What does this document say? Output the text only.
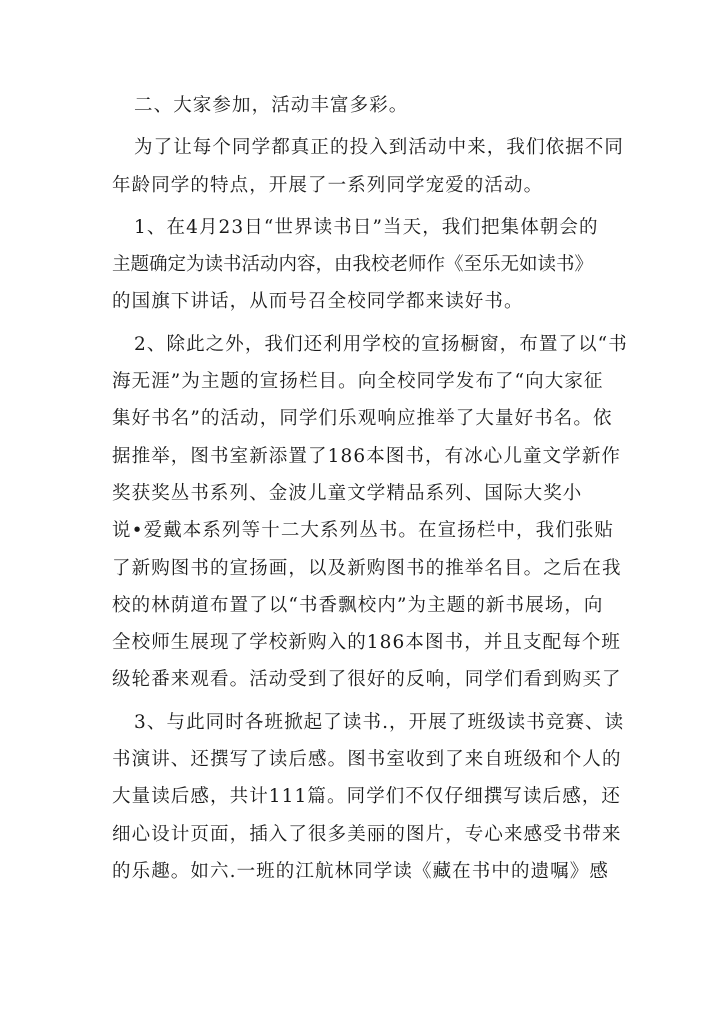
二、大家参加，活动丰富多彩。
为了让每个同学都真正的投入到活动中来，我们依据不同
年龄同学的特点，开展了一系列同学宠爱的活动。
1、在4月23日“世界读书日”当天，我们把集体朝会的
主题确定为读书活动内容，由我校老师作《至乐无如读书》
的国旗下讲话，从而号召全校同学都来读好书。
2、除此之外，我们还利用学校的宣扬橱窗，布置了以“书
海无涯”为主题的宣扬栏目。向全校同学发布了“向大家征
集好书名”的活动，同学们乐观响应推举了大量好书名。依
据推举，图书室新添置了186本图书，有冰心儿童文学新作
奖获奖丛书系列、金波儿童文学精品系列、国际大奖小
说•爱戴本系列等十二大系列丛书。在宣扬栏中，我们张贴
了新购图书的宣扬画，以及新购图书的推举名目。之后在我
校的林荫道布置了以“书香飘校内”为主题的新书展场，向
全校师生展现了学校新购入的186本图书，并且支配每个班
级轮番来观看。活动受到了很好的反响，同学们看到购买了
3、与此同时各班掀起了读书.，开展了班级读书竞赛、读
书演讲、还撰写了读后感。图书室收到了来自班级和个人的
大量读后感，共计111篇。同学们不仅仔细撰写读后感，还
细心设计页面，插入了很多美丽的图片，专心来感受书带来
的乐趣。如六.一班的江航林同学读《藏在书中的遗嘱》感
